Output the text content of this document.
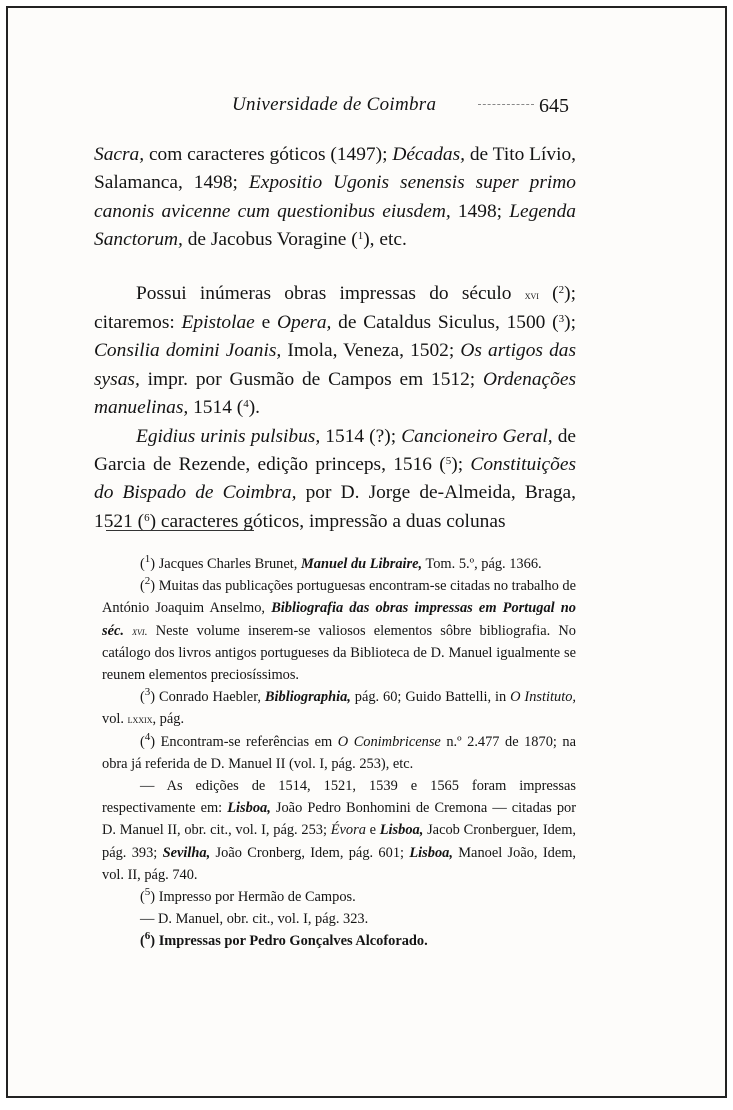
Universidade de Coimbra	645

Sacra, com caracteres góticos (1497); Décadas, de Tito Lívio, Salamanca, 1498; Expositio Ugonis senensis super primo canonis avicenne cum questionibus eiusdem, 1498; Legenda Sanctorum, de Jacobus Voragine ($^1$), etc.

Possui inúmeras obras impressas do século xvi ($^2$); citaremos: Epistolae e Opera, de Cataldus Siculus, 1500 ($^3$); Consilia domini Joanis, Imola, Veneza, 1502; Os artigos das sysas, impr. por Gusmão de Campos em 1512; Ordenações manuelinas, 1514 ($^4$).

Egidius urinis pulsibus, 1514 (?); Cancioneiro Geral, de Garcia de Rezende, edição princeps, 1516 ($^5$); Constituições do Bispado de Coimbra, por D. Jorge de-Almeida, Braga, 1521 ($^6$) caracteres góticos, impressão a duas colunas

($^1$) Jacques Charles Brunet, Manuel du Libraire, Tom. 5.º, pág. 1366.

($^2$) Muitas das publicações portuguesas encontram-se citadas no trabalho de António Joaquim Anselmo, Bibliografia das obras impressas em Portugal no séc. xvi. Neste volume inserem-se valiosos elementos sôbre bibliografia. No catálogo dos livros antigos portugueses da Biblioteca de D. Manuel igualmente se reunem elementos preciosíssimos.

($^3$) Conrado Haebler, Bibliographia, pág. 60; Guido Battelli, in O Instituto, vol. lxxix, pág.

($^4$) Encontram-se referências em O Conimbricense n.º 2.477 de 1870; na obra já referida de D. Manuel II (vol. I, pág. 253), etc.

— As edições de 1514, 1521, 1539 e 1565 foram impressas respectivamente em: Lisboa, João Pedro Bonhomini de Cremona — citadas por D. Manuel II, obr. cit., vol. I, pág. 253; Évora e Lisboa, Jacob Cronberguer, Idem, pág. 393; Sevilha, João Cronberg, Idem, pág. 601; Lisboa, Manoel João, Idem, vol. II, pág. 740.

($^5$) Impresso por Hermão de Campos.

— D. Manuel, obr. cit., vol. I, pág. 323.

($^6$) Impressas por Pedro Gonçalves Alcoforado.
